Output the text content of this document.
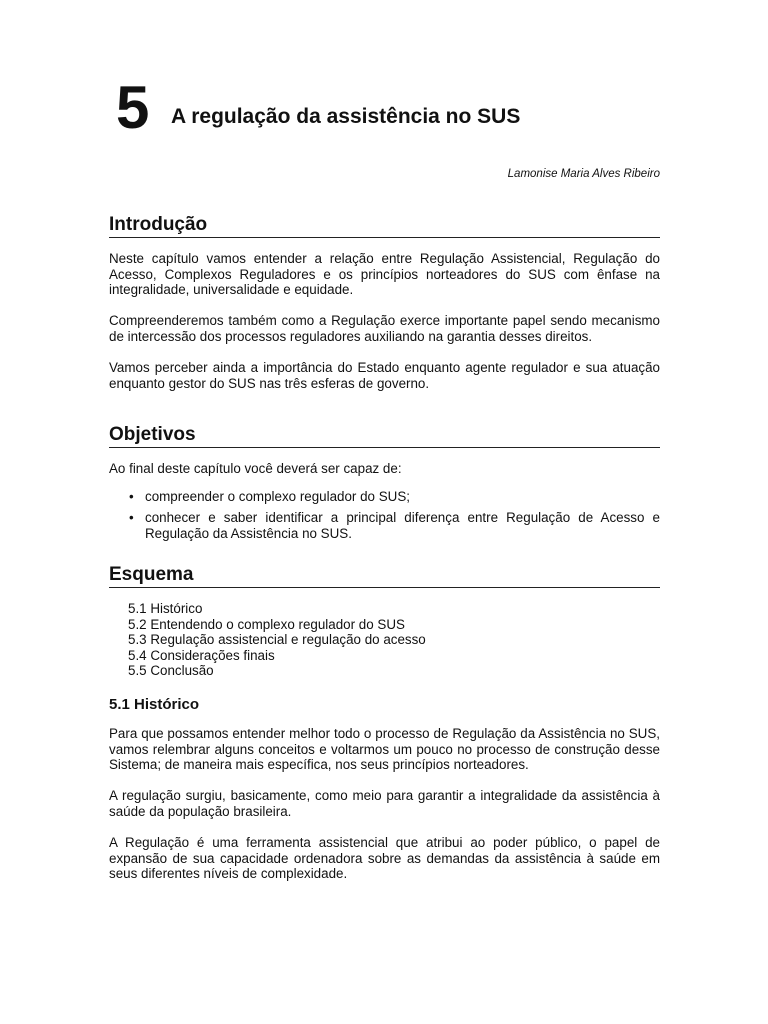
5 A regulação da assistência no SUS
Lamonise Maria Alves Ribeiro
Introdução

Neste capítulo vamos entender a relação entre Regulação Assistencial, Regulação do Acesso, Complexos Reguladores e os princípios norteadores do SUS com ênfase na integralidade, universalidade e equidade.

Compreenderemos também como a Regulação exerce importante papel sendo mecanismo de intercessão dos processos reguladores auxiliando na garantia desses direitos.

Vamos perceber ainda a importância do Estado enquanto agente regulador e sua atuação enquanto gestor do SUS nas três esferas de governo.

Objetivos

Ao final deste capítulo você deverá ser capaz de:

• compreender o complexo regulador do SUS;
• conhecer e saber identificar a principal diferença entre Regulação de Acesso e Regulação da Assistência no SUS.
Esquema
5.1 Histórico
5.2 Entendendo o complexo regulador do SUS
5.3 Regulação assistencial e regulação do acesso
5.4 Considerações finais
5.5 Conclusão
5.1 Histórico

Para que possamos entender melhor todo o processo de Regulação da Assistência no SUS, vamos relembrar alguns conceitos e voltarmos um pouco no processo de construção desse Sistema; de maneira mais específica, nos seus princípios norteadores.

A regulação surgiu, basicamente, como meio para garantir a integralidade da assistência à saúde da população brasileira.

A Regulação é uma ferramenta assistencial que atribui ao poder público, o papel de expansão de sua capacidade ordenadora sobre as demandas da assistência à saúde em seus diferentes níveis de complexidade.
